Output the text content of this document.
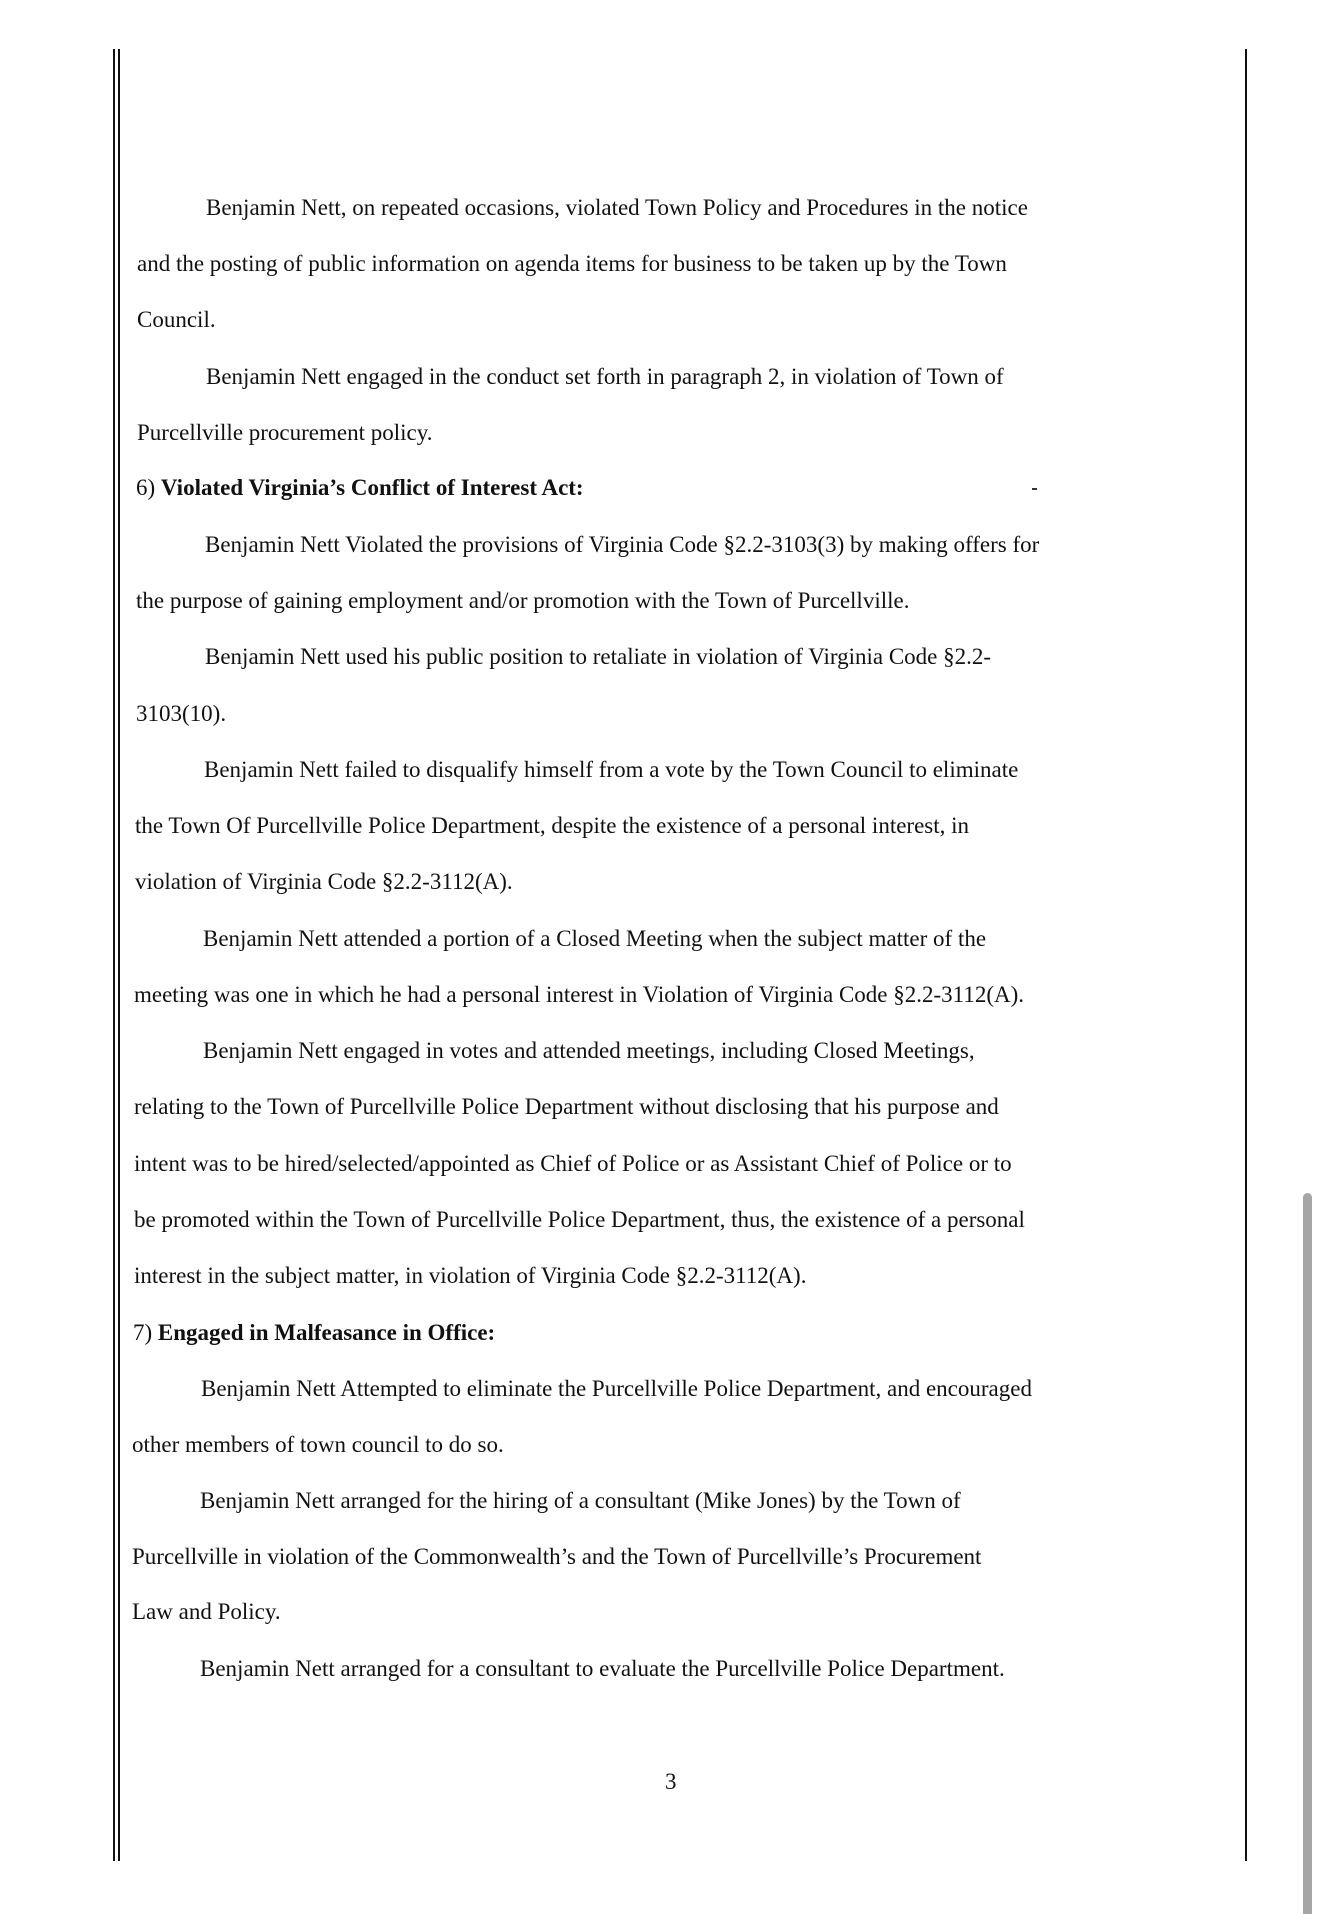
Benjamin Nett, on repeated occasions, violated Town Policy and Procedures in the notice
and the posting of public information on agenda items for business to be taken up by the Town
Council.
Benjamin Nett engaged in the conduct set forth in paragraph 2, in violation of Town of
Purcellville procurement policy.
6) Violated Virginia’s Conflict of Interest Act:
Benjamin Nett Violated the provisions of Virginia Code §2.2-3103(3) by making offers for
the purpose of gaining employment and/or promotion with the Town of Purcellville.
Benjamin Nett used his public position to retaliate in violation of Virginia Code §2.2-
3103(10).
Benjamin Nett failed to disqualify himself from a vote by the Town Council to eliminate
the Town Of Purcellville Police Department, despite the existence of a personal interest, in
violation of Virginia Code §2.2-3112(A).
Benjamin Nett attended a portion of a Closed Meeting when the subject matter of the
meeting was one in which he had a personal interest in Violation of Virginia Code §2.2-3112(A).
Benjamin Nett engaged in votes and attended meetings, including Closed Meetings,
relating to the Town of Purcellville Police Department without disclosing that his purpose and
intent was to be hired/selected/appointed as Chief of Police or as Assistant Chief of Police or to
be promoted within the Town of Purcellville Police Department, thus, the existence of a personal
interest in the subject matter, in violation of Virginia Code §2.2-3112(A).
7) Engaged in Malfeasance in Office:
Benjamin Nett Attempted to eliminate the Purcellville Police Department, and encouraged
other members of town council to do so.
Benjamin Nett arranged for the hiring of a consultant (Mike Jones) by the Town of
Purcellville in violation of the Commonwealth’s and the Town of Purcellville’s Procurement
Law and Policy.
Benjamin Nett arranged for a consultant to evaluate the Purcellville Police Department.
3
